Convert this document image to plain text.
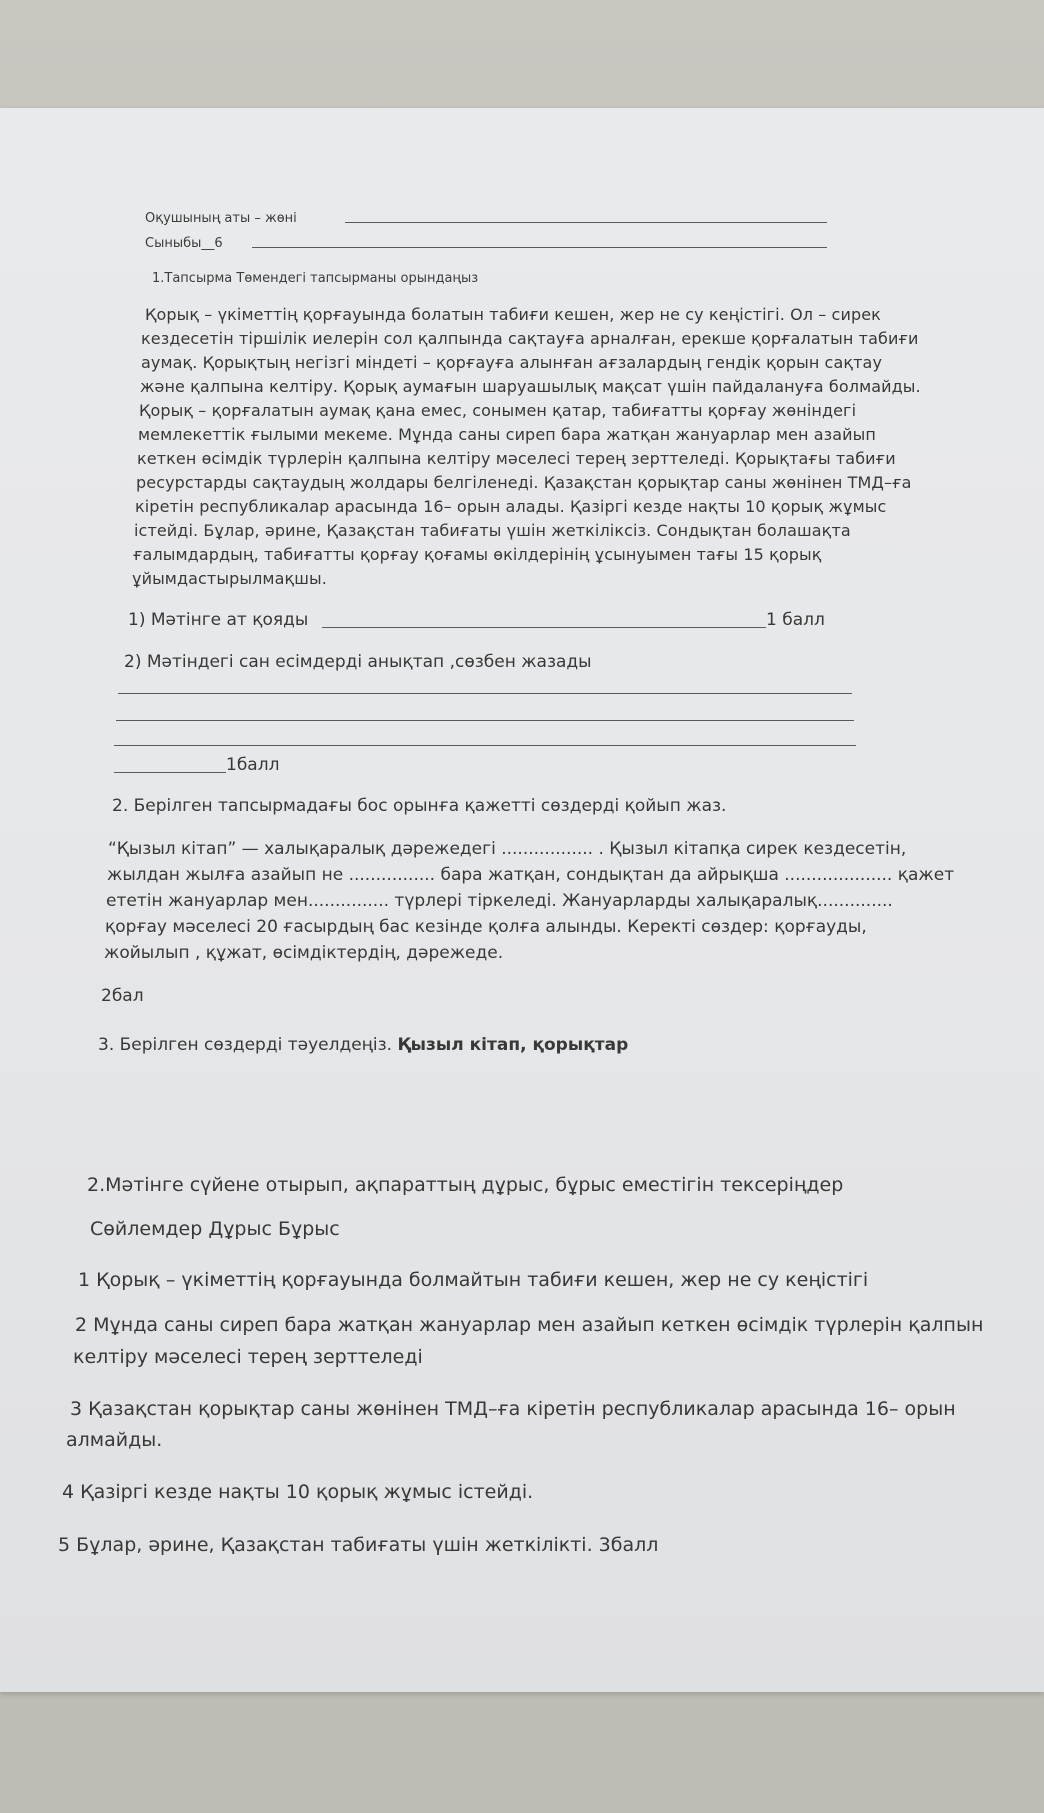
Оқушының аты – жөні
Сыныбы__6
1.Тапсырма Төмендегі тапсырманы орындаңыз
Қорық – үкіметтің қорғауында болатын табиғи кешен, жер не су кеңістігі. Ол – сирек
кездесетін тіршілік иелерін сол қалпында сақтауға арналған, ерекше қорғалатын табиғи
аумақ. Қорықтың негізгі міндеті – қорғауға алынған ағзалардың гендік қорын сақтау
және қалпына келтіру. Қорық аумағын шаруашылық мақсат үшін пайдалануға болмайды.
Қорық – қорғалатын аумақ қана емес, сонымен қатар, табиғатты қорғау жөніндегі
мемлекеттік ғылыми мекеме. Мұнда саны сиреп бара жатқан жануарлар мен азайып
кеткен өсімдік түрлерін қалпына келтіру мәселесі терең зерттеледі. Қорықтағы табиғи
ресурстарды сақтаудың жолдары белгіленеді. Қазақстан қорықтар саны жөнінен ТМД–ға
кіретін республикалар арасында 16– орын алады. Қазіргі кезде нақты 10 қорық жұмыс
істейді. Бұлар, әрине, Қазақстан табиғаты үшін жеткіліксіз. Сондықтан болашақта
ғалымдардың, табиғатты қорғау қоғамы өкілдерінің ұсынуымен тағы 15 қорық
ұйымдастырылмақшы.
1) Мәтінге ат қояды	1 балл
2) Мәтіндегі сан есімдерді анықтап ,сөзбен жазады
1балл
2. Берілген тапсырмадағы бос орынға қажетті сөздерді қойып жаз.
“Қызыл кітап” — халықаралық дәрежедегі ................. . Қызыл кітапқа сирек кездесетін,
жылдан жылға азайып не ................ бара жатқан, сондықтан да айрықша .................... қажет
ететін жануарлар мен............... түрлері тіркеледі. Жануарларды халықаралық..............
қорғау мәселесі 20 ғасырдың бас кезінде қолға алынды. Керекті сөздер: қорғауды,
жойылып , құжат, өсімдіктердің, дәрежеде.
2бал
3. Берілген сөздерді тәуелдеңіз. Қызыл кітап, қорықтар
2.Мәтінге сүйене отырып, ақпараттың дұрыс, бұрыс еместігін тексеріңдер
Сөйлемдер Дұрыс Бұрыс
1 Қорық – үкіметтің қорғауында болмайтын табиғи кешен, жер не су кеңістігі
2 Мұнда саны сиреп бара жатқан жануарлар мен азайып кеткен өсімдік түрлерін қалпын
келтіру мәселесі терең зерттеледі
3 Қазақстан қорықтар саны жөнінен ТМД–ға кіретін республикалар арасында 16– орын
алмайды.
4 Қазіргі кезде нақты 10 қорық жұмыс істейді.
5 Бұлар, әрине, Қазақстан табиғаты үшін жеткілікті. 3балл
